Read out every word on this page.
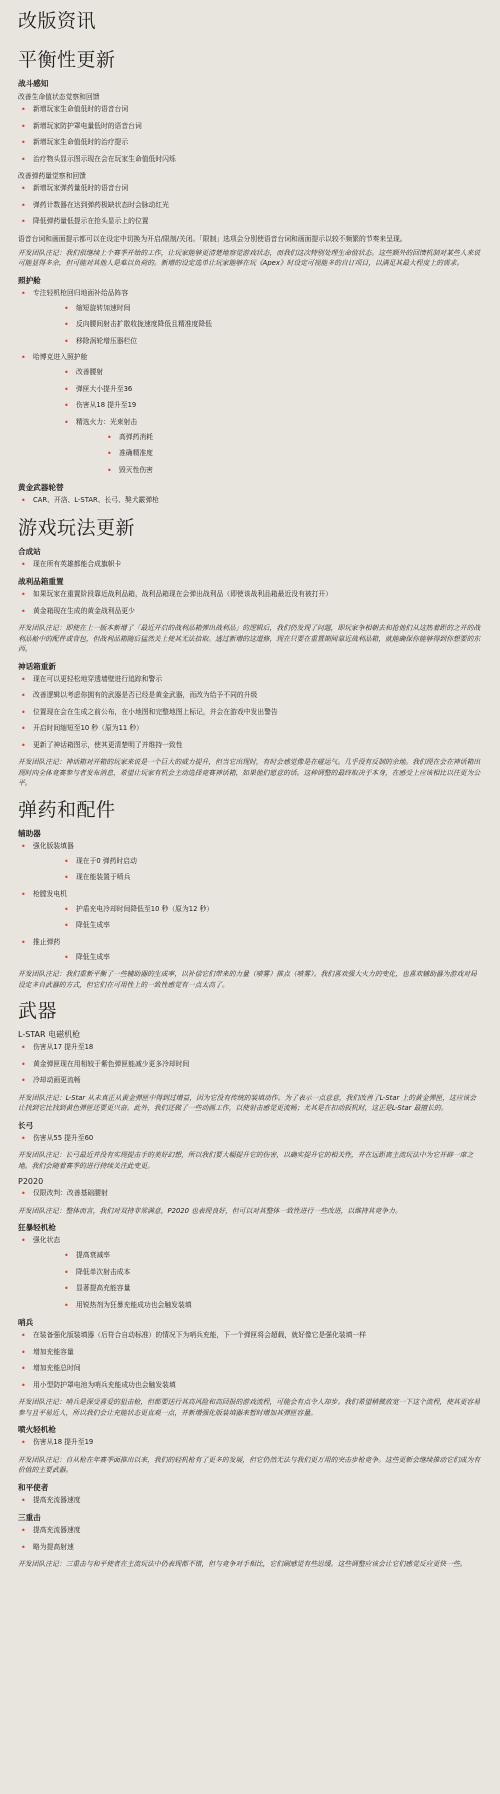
改版资讯
平衡性更新
战斗感知
改善生命值状态觉察和回馈
• 新增玩家生命值低时的语音台词
• 新增玩家防护罩电量低时的语音台词
• 新增玩家生命值低时的治疗提示
• 治疗物头显示图示现在会在玩家生命值低时闪烁
改善弹药量觉察和回馈
• 新增玩家弹药量低时的语音台词
• 弹药计数器在达到弹药极缺状态时会脉动红光
• 降低弹药量低提示在抢头显示上的位置
语音台词和画面提示都可以在设定中切换为开启/限制/关闭。「限制」选项会分别使语音台词和画面提示以较不频繁的节奏来呈现。
开发团队注记：我们很继续上个赛季开始的工作，让玩家能够更清楚地察觉游戏状态，而我们这次特别处理生命值状态。这些额外的回馈机制对某些人来说可能显得多余，但可能对其他人是难以负荷的。新增的设定选单让玩家能够在玩《Apex》时设定可视能多的自订项目，以满足其最大程度上的需求。
照护舱
• 专注轻机枪回归地面补给品阵容
• 缩短旋转加速时间
• 反向腰间射击扩散收拢速度降低且精准度降低
• 移除涡轮增压器栏位
• 哈博克进入照护舱
• 改善腰射
• 弹匣大小提升至36
• 伤害从18 提升至19
• 精选火力：光束射击
• 高弹药消耗
• 准确精准度
• 毁灭性伤害
黄金武器轮替
• CAR、开洛、L-STAR、长弓、獒犬霰弹枪
游戏玩法更新
合成站
• 现在所有英雄都能合成旗帜卡
战利品箱重置
• 如果玩家在重置阶段靠近战利品箱，战利品箱现在会弹出战利品（即使该战利品箱最近没有被打开）
• 黄金箱现在生成的黄金战利品更少
开发团队注记：即使在上一版本新增了「最近开启的战利品箱弹出战利品」的逻辑后，我们仍发现了问题，即玩家争相朝去和抢他们从这热着距的之开的战利品舱中的配件或背包，但战利品箱随后猛然关上使其无法拾取。透过新增的这道修，现在只要在重置期间靠近战利品箱，就能确保你能够得到你想要的东西。
神话箱重新
• 现在可以更轻松地穿透墙壁进行追踪和警示
• 改善逻辑以考虑你拥有的武器是否已经是黄金武器，而改为给予不同的升级
• 位置现在会在生成之前公布，在小地图和完整地图上标记，并会在游戏中发出警告
• 开启时间缩短至10 秒（原为11 秒）
• 更新了神话箱图示，使其更清楚明了并维持一致性
开发团队注记：神话箱对开箱的玩家来说是一个巨大的威力提升，但当它出现时，有时会感觉像是在碰运气。几乎没有反制的余地。我们现在会在神话箱出现时向全体竞赛参与者发布消息，希望让玩家有机会主动选择竞赛神话箱，如果他们愿意的话。这种调整的最终取决于本身，在感受上应该相比以往更为公平。
弹药和配件
辅助器
• 强化版装填器
• 现在于0 弹药时启动
• 现在能装置于喷兵
• 枪膛发电机
• 护盾充电冷却时间降低至10 秒（原为12 秒）
• 降低生成率
• 推止弹药
• 降低生成率
开发团队注记：我们重新平衡了一些辅助器的生成率，以补偿它们带来的力量（喷雾）推点（喷雾）。我们喜欢强大火力的变化，也喜欢辅助器为游戏对局设定多自武器的方式，但它们在可用性上的一致性感觉有一点太高了。
武器
L-STAR 电磁机枪
• 伤害从17 提升至18
• 黄金弹匣现在用相较于紫色弹匣能减少更多冷却时间
• 冷却动画更流畅
开发团队注记：L-Star 从未真正从黄金弹匣中得到过增益，因为它没有传统的装填动作。为了表示一点意意，我们改善了L-Star 上的黄金弹匣，这应该会让找到它比找到黄色弹匣还要更兴奋。此外，我们还做了一些动画工作，以使射击感觉更流畅；尤其是在扣动扳机时，这正是L-Star 最擅长的。
长弓
• 伤害从55 提升至60
开发团队注记：长弓最近并没有实现提击手的美好幻想，所以我们要大幅提升它的伤害，以确实提升它的相关性，并在远距离主流玩法中为它开辟一席之地。我们会随着赛季的进行持续关注此变更。
P2020
• 仅限改判：改善基础腰射
开发团队注记：整体而言，我们对双持非常满意，P2020 也表现良好，但可以对其整体一致性进行一些改进，以维持其竞争力。
狂暴轻机枪
• 强化状态
• 提高衰减率
• 降低单次射击成本
• 显著提高充能容量
• 用锐热剂为狂暴充能成功也会触发装填
哨兵
• 在装备强化版装填器（后符合自动标准）的情况下为哨兵充能，下一个弹匣将会超载，就好像它是强化装填一样
• 增加充能容量
• 增加充能总时间
• 用小型防护罩电池为哨兵充能成功也会触发装填
开发团队注记：哨兵是深受喜爱的狙击枪，但都要送行其高风险和高回报的游戏流程，可能会有点令人却步。我们希望稍微放宽一下这个流程，使其更容易参与且平易近人，所以我们会让充能状态更直观一点，并新增强化版装填器来暂时增加其弹匣容量。
喷火轻机枪
• 伤害从18 提升至19
开发团队注记：自从枪在年赛季面推出以来，我们的轻机枪有了更多的发展，但它仍然无法与我们更万用的突击步枪竞争。这些更新会继续推动它们成为有价值的主要武器。
和平使者
• 提高充流器速度
三重击
• 提高充流器速度
• 略为提高射速
开发团队注记：三重击与和平使者在主流玩法中仍表现都不错，但与竞争对手相比，它们刷感觉有些迟缓。这些调整应该会让它们感觉反应更快一些。
